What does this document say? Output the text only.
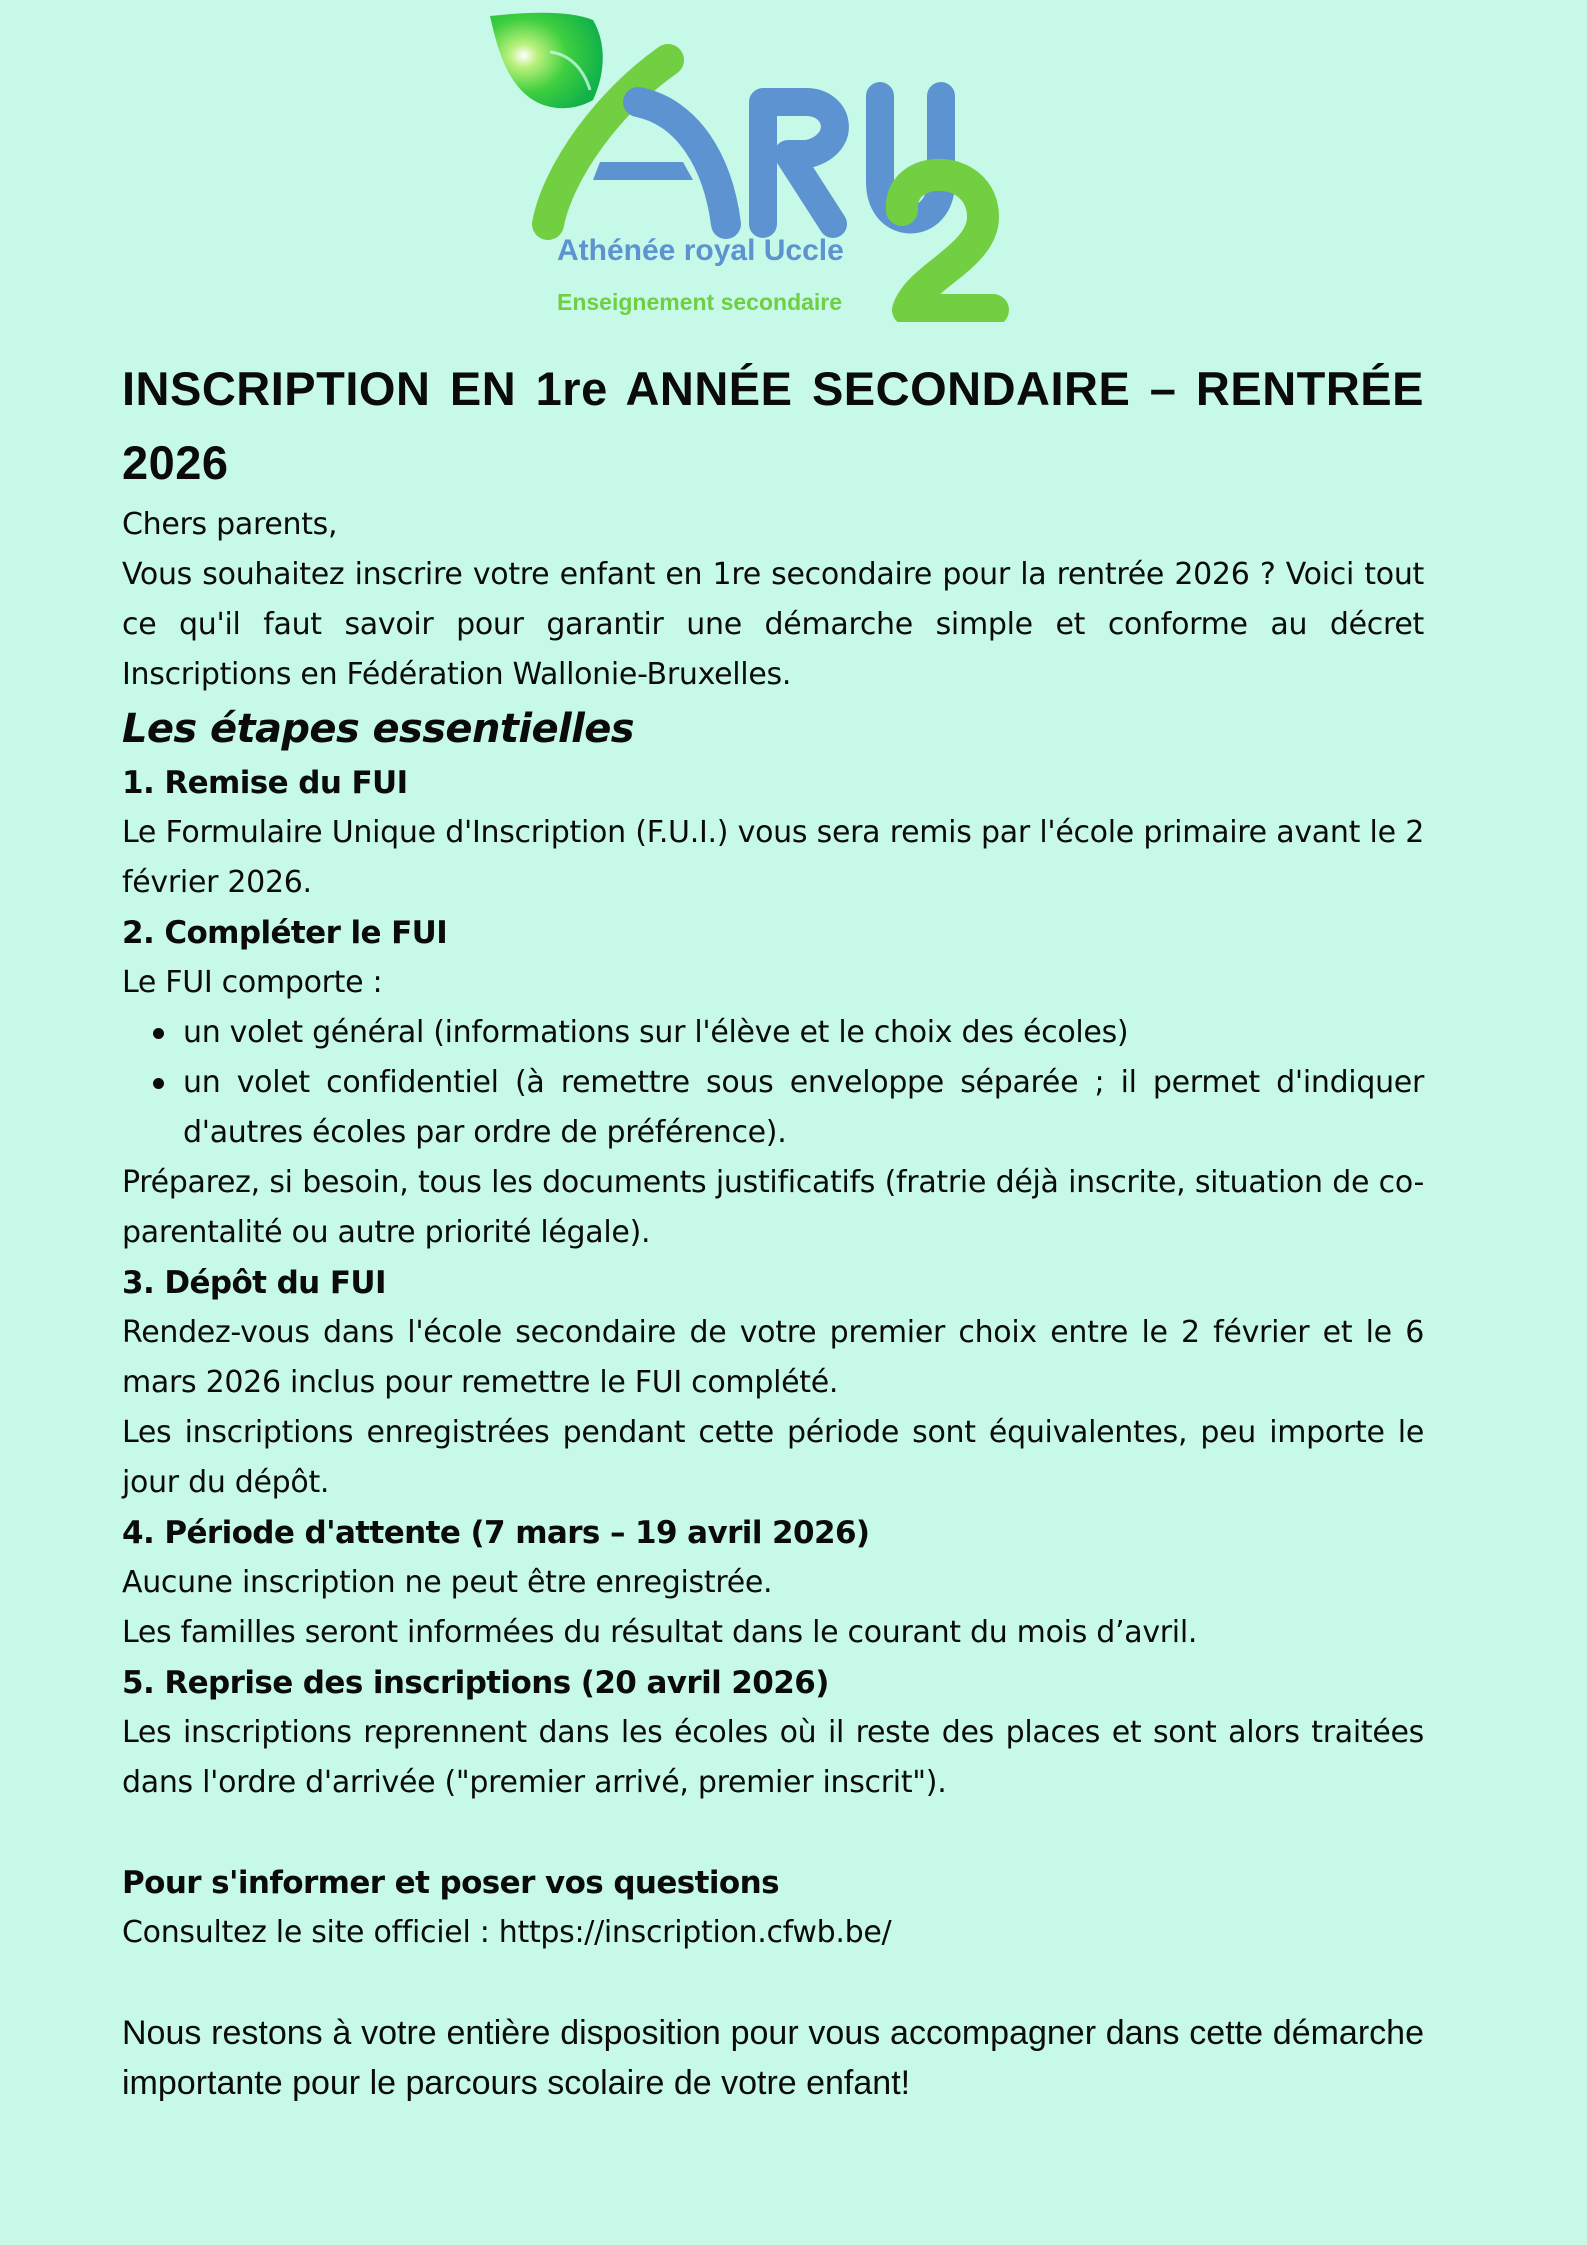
Athénée royal Uccle
Enseignement secondaire
INSCRIPTION EN 1re ANNÉE SECONDAIRE – RENTRÉE 2026

Chers parents,

Vous souhaitez inscrire votre enfant en 1re secondaire pour la rentrée 2026 ? Voici tout ce qu'il faut savoir pour garantir une démarche simple et conforme au décret Inscriptions en Fédération Wallonie-Bruxelles.

Les étapes essentielles
1. Remise du FUI

Le Formulaire Unique d'Inscription (F.U.I.) vous sera remis par l'école primaire avant le 2 février 2026.

2. Compléter le FUI

Le FUI comporte :

un volet général (informations sur l'élève et le choix des écoles)
un volet confidentiel (à remettre sous enveloppe séparée ; il permet d'indiquer d'autres écoles par ordre de préférence).

Préparez, si besoin, tous les documents justificatifs (fratrie déjà inscrite, situation de co-parentalité ou autre priorité légale).

3. Dépôt du FUI

Rendez-vous dans l'école secondaire de votre premier choix entre le 2 février et le 6 mars 2026 inclus pour remettre le FUI complété.

Les inscriptions enregistrées pendant cette période sont équivalentes, peu importe le jour du dépôt.

4. Période d'attente (7 mars – 19 avril 2026)

Aucune inscription ne peut être enregistrée.

Les familles seront informées du résultat dans le courant du mois d’avril.

5. Reprise des inscriptions (20 avril 2026)

Les inscriptions reprennent dans les écoles où il reste des places et sont alors traitées dans l'ordre d'arrivée ("premier arrivé, premier inscrit").

Pour s'informer et poser vos questions

Consultez le site officiel : https://inscription.cfwb.be/

Nous restons à votre entière disposition pour vous accompagner dans cette démarche importante pour le parcours scolaire de votre enfant!
